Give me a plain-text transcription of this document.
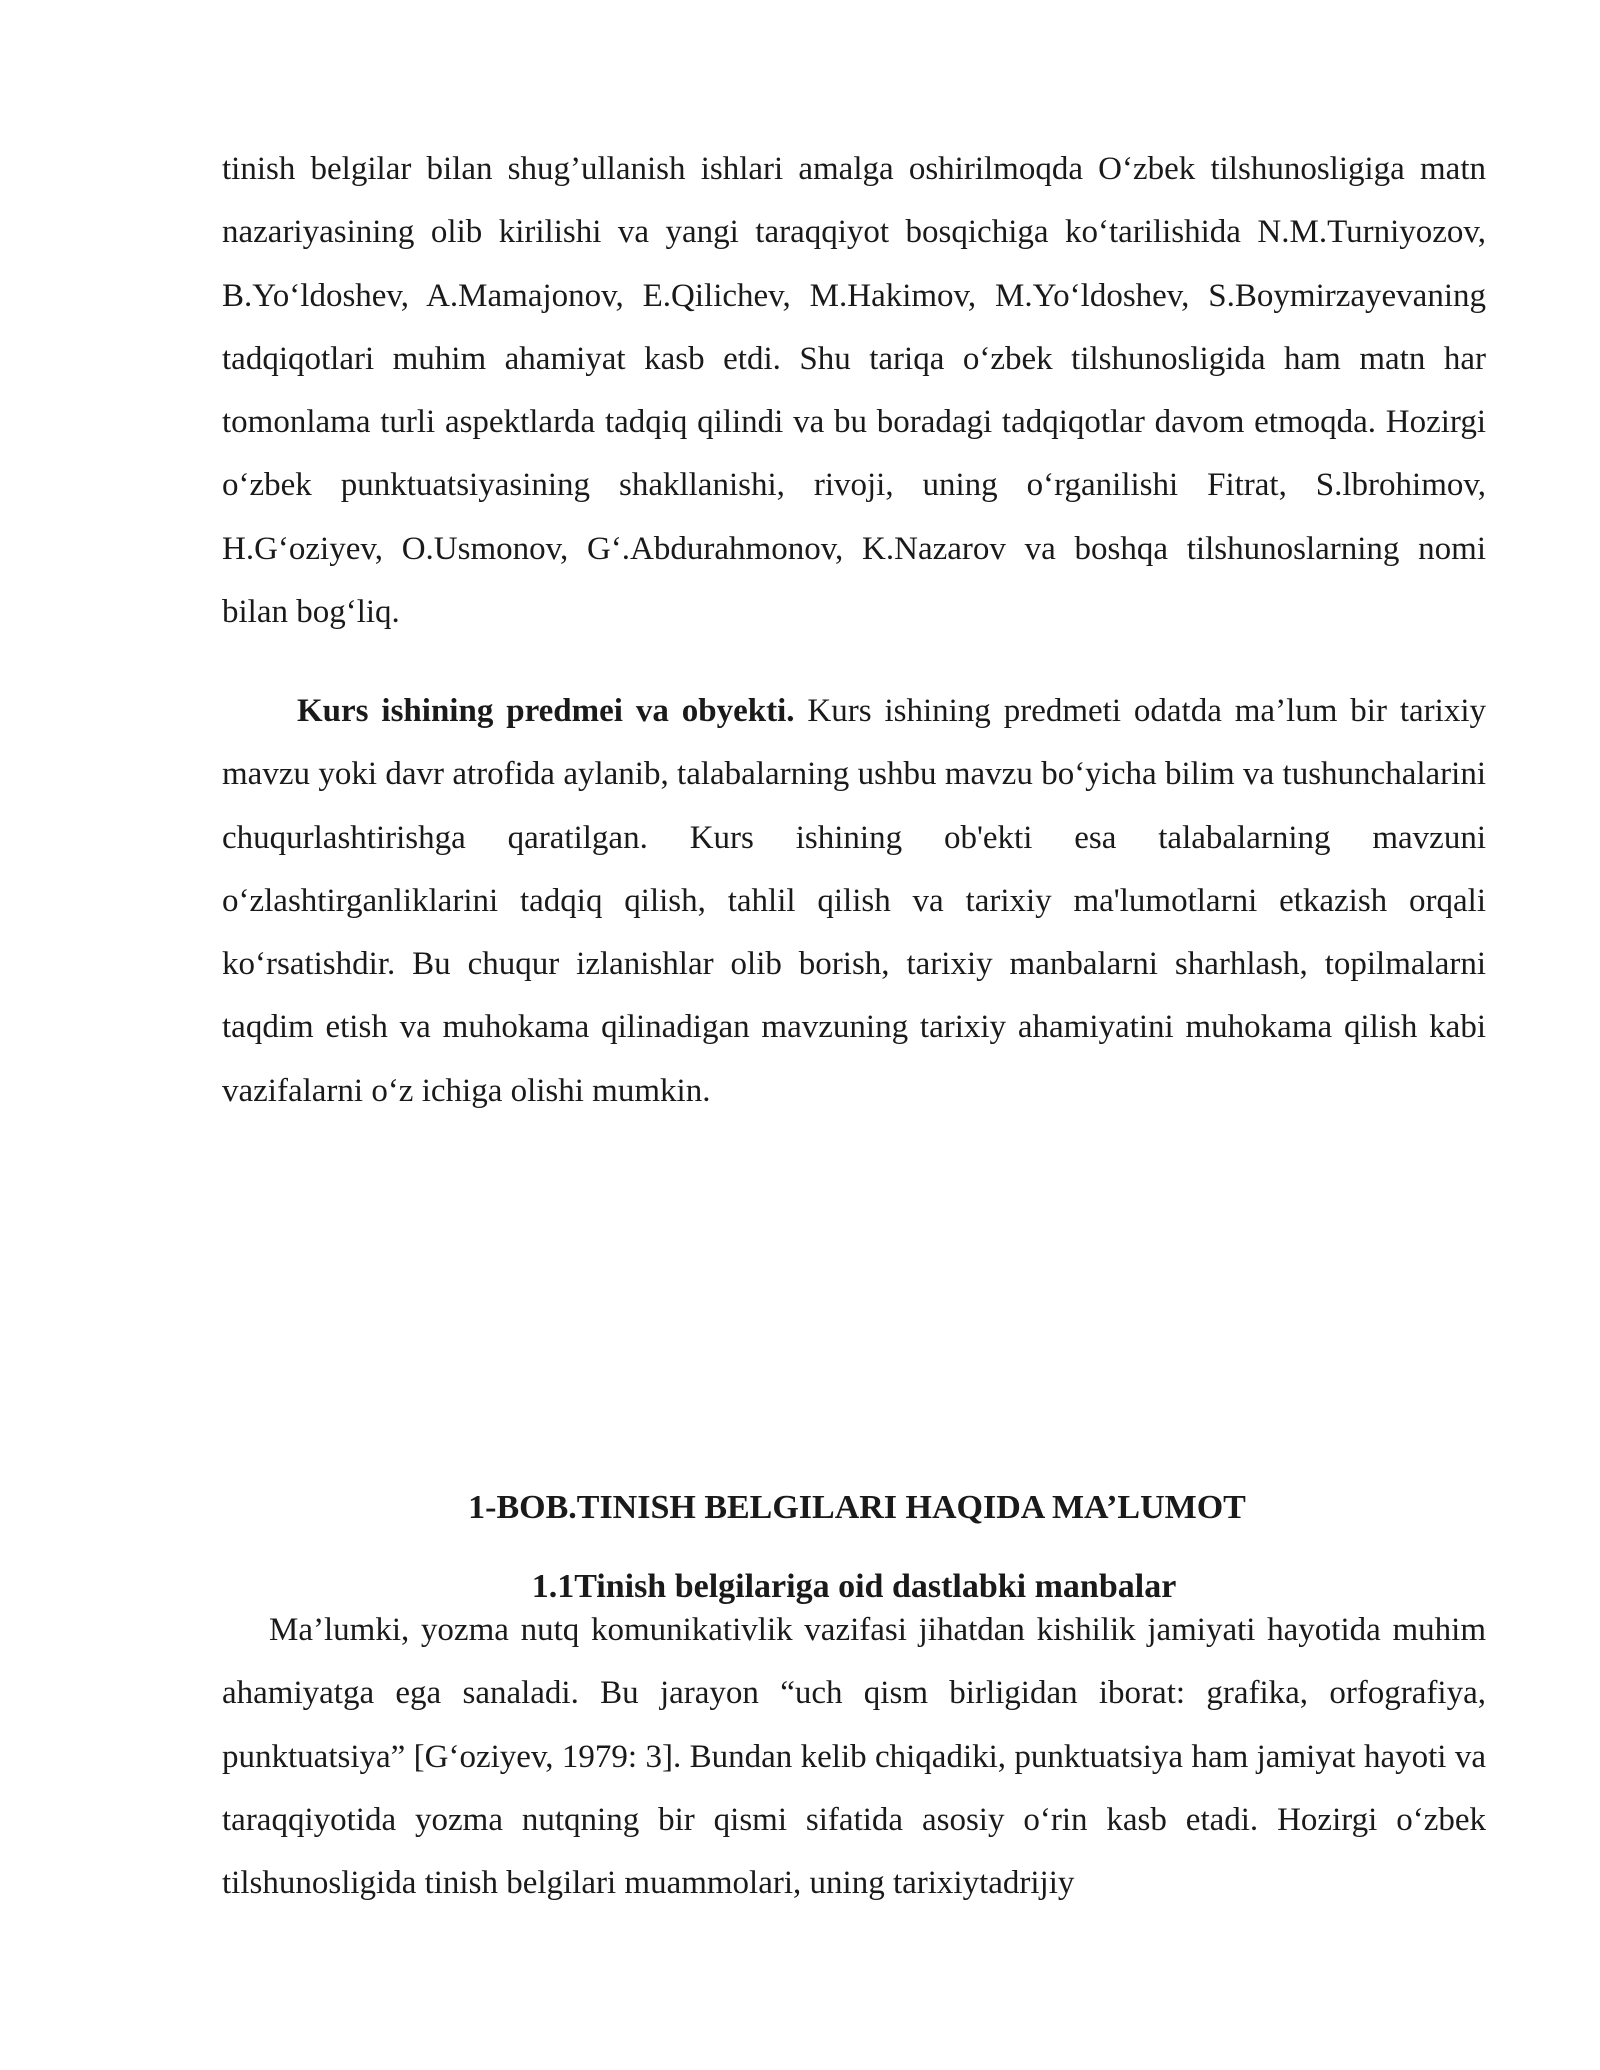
tinish belgilar bilan shug’ullanish ishlari amalga oshirilmoqda O‘zbek tilshunosligiga matn nazariyasining olib kirilishi va yangi taraqqiyot bosqichiga ko‘tarilishida N.M.Turniyozov, B.Yo‘ldoshev, A.Mamajonov, E.Qilichev, M.Hakimov, M.Yo‘ldoshev, S.Boymirzayevaning tadqiqotlari muhim ahamiyat kasb etdi. Shu tariqa o‘zbek tilshunosligida ham matn har tomonlama turli aspektlarda tadqiq qilindi va bu boradagi tadqiqotlar davom etmoqda. Hozirgi o‘zbek punktuatsiyasining shakllanishi, rivoji, uning o‘rganilishi Fitrat, S.lbrohimov, H.G‘oziyev, O.Usmonov, G‘.Abdurahmonov, K.Nazarov va boshqa tilshunoslarning nomi bilan bog‘liq.

Kurs ishining predmei va obyekti. Kurs ishining predmeti odatda ma’lum bir tarixiy mavzu yoki davr atrofida aylanib, talabalarning ushbu mavzu bo‘yicha bilim va tushunchalarini chuqurlashtirishga qaratilgan. Kurs ishining ob'ekti esa talabalarning mavzuni o‘zlashtirganliklarini tadqiq qilish, tahlil qilish va tarixiy ma'lumotlarni etkazish orqali ko‘rsatishdir. Bu chuqur izlanishlar olib borish, tarixiy manbalarni sharhlash, topilmalarni taqdim etish va muhokama qilinadigan mavzuning tarixiy ahamiyatini muhokama qilish kabi vazifalarni o‘z ichiga olishi mumkin.

1-BOB.TINISH BELGILARI HAQIDA MA’LUMOT
1.1Tinish belgilariga oid dastlabki manbalar

Ma’lumki, yozma nutq komunikativlik vazifasi jihatdan kishilik jamiyati hayotida muhim ahamiyatga ega sanaladi. Bu jarayon “uch qism birligidan iborat: grafika, orfografiya, punktuatsiya” [G‘oziyev, 1979: 3]. Bundan kelib chiqadiki, punktuatsiya ham jamiyat hayoti va taraqqiyotida yozma nutqning bir qismi sifatida asosiy o‘rin kasb etadi. Hozirgi o‘zbek tilshunosligida tinish belgilari muammolari, uning tarixiytadrijiy
